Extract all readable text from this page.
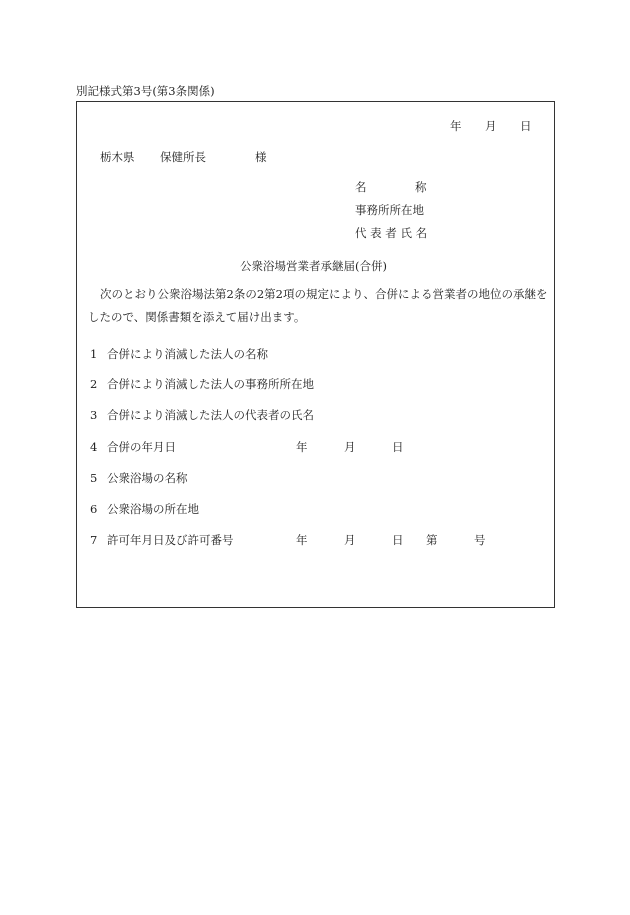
別記様式第3号(第3条関係)
年 月 日
栃木県 保健所長	様
名	称
事務所所在地
代 表 者 氏 名
公衆浴場営業者承継届(合併)
次のとおり公衆浴場法第2条の2第2項の規定により、合併による営業者の地位の承継をしたので、関係書類を添えて届け出ます。
1 合併により消滅した法人の名称
2 合併により消滅した法人の事務所所在地
3 合併により消滅した法人の代表者の氏名
4 合併の年月日	年	月	日
5 公衆浴場の名称
6 公衆浴場の所在地
7 許可年月日及び許可番号	年	月	日 第	号
